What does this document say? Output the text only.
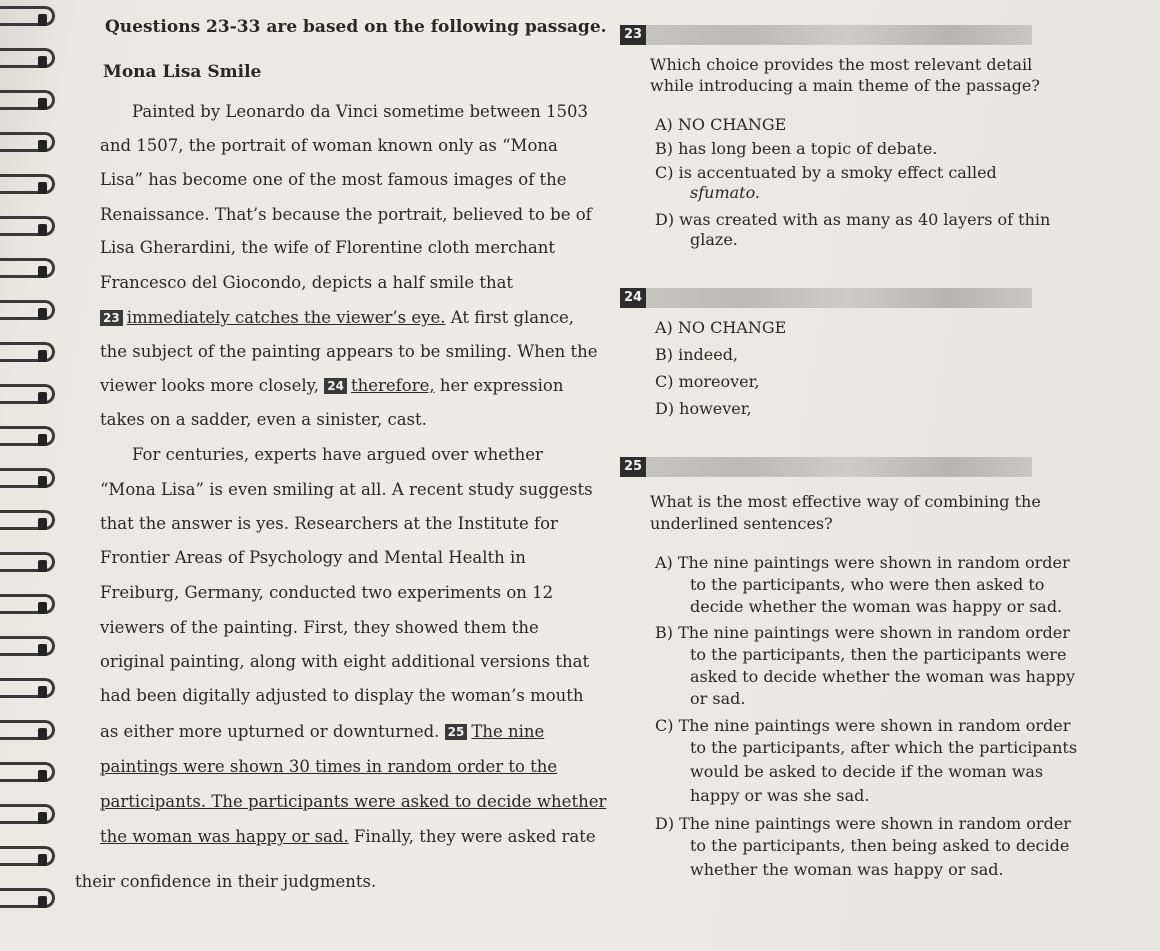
Questions 23-33 are based on the following passage.
Mona Lisa Smile
Painted by Leonardo da Vinci sometime between 1503
and 1507, the portrait of woman known only as “Mona
Lisa” has become one of the most famous images of the
Renaissance. That’s because the portrait, believed to be of
Lisa Gherardini, the wife of Florentine cloth merchant
Francesco del Giocondo, depicts a half smile that
23 immediately catches the viewer’s eye. At first glance,
the subject of the painting appears to be smiling. When the
viewer looks more closely, 24 therefore, her expression
takes on a sadder, even a sinister, cast.
For centuries, experts have argued over whether
“Mona Lisa” is even smiling at all. A recent study suggests
that the answer is yes. Researchers at the Institute for
Frontier Areas of Psychology and Mental Health in
Freiburg, Germany, conducted two experiments on 12
viewers of the painting. First, they showed them the
original painting, along with eight additional versions that
had been digitally adjusted to display the woman’s mouth
as either more upturned or downturned. 25 The nine
paintings were shown 30 times in random order to the
participants. The participants were asked to decide whether
the woman was happy or sad. Finally, they were asked rate
their confidence in their judgments.
23
Which choice provides the most relevant detail
while introducing a main theme of the passage?
A) NO CHANGE
B) has long been a topic of debate.
C) is accentuated by a smoky effect called
sfumato.
D) was created with as many as 40 layers of thin
glaze.
24
A) NO CHANGE
B) indeed,
C) moreover,
D) however,
25
What is the most effective way of combining the
underlined sentences?
A) The nine paintings were shown in random order
to the participants, who were then asked to
decide whether the woman was happy or sad.
B) The nine paintings were shown in random order
to the participants, then the participants were
asked to decide whether the woman was happy
or sad.
C) The nine paintings were shown in random order
to the participants, after which the participants
would be asked to decide if the woman was
happy or was she sad.
D) The nine paintings were shown in random order
to the participants, then being asked to decide
whether the woman was happy or sad.
